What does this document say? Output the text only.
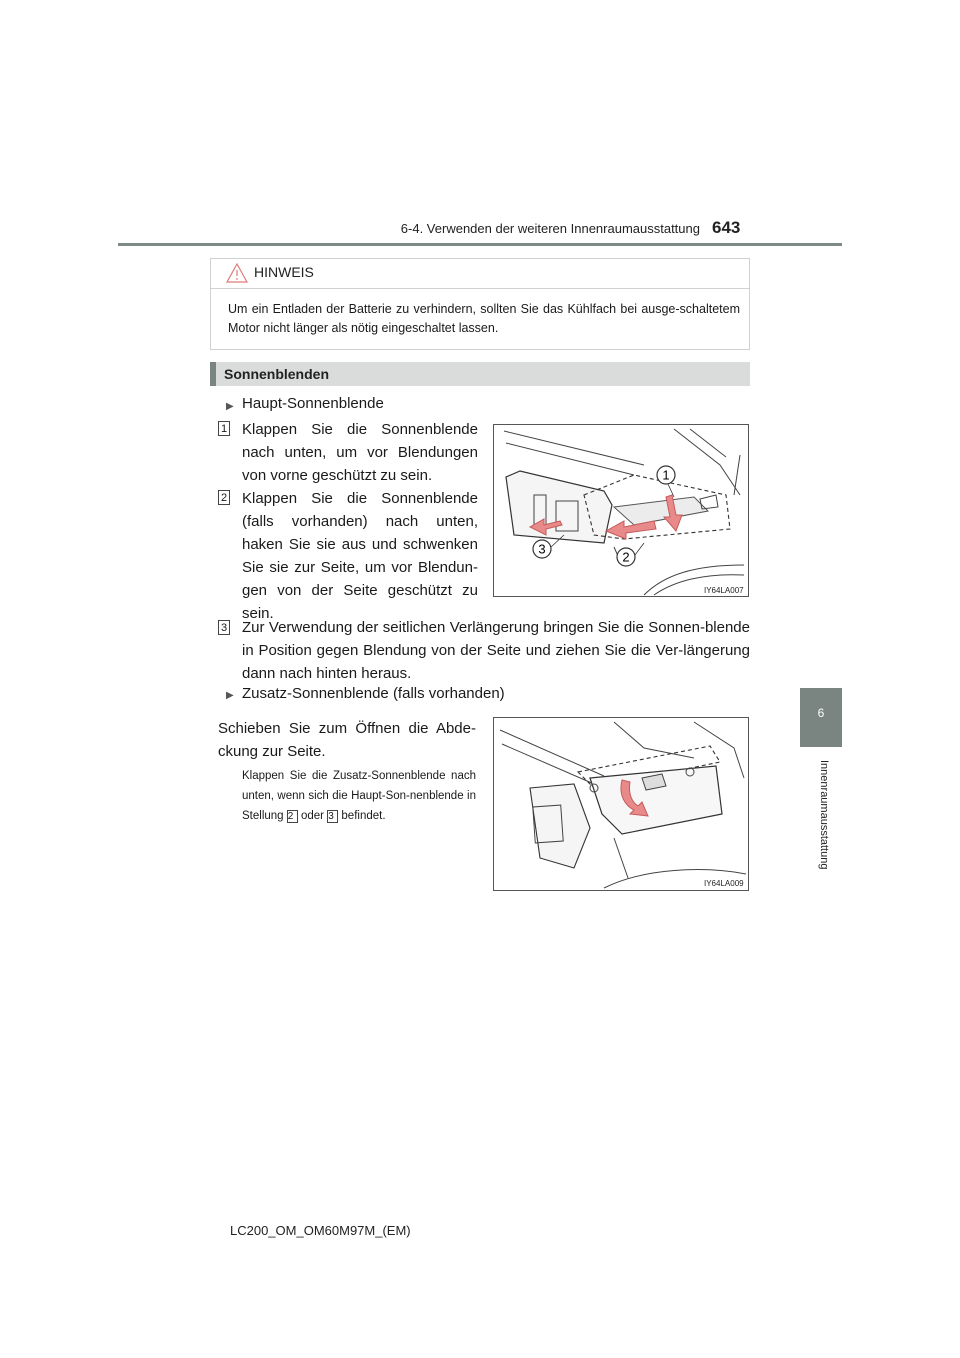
6-4. Verwenden der weiteren Innenraumausstattung 643
6
Innenraumausstattung
HINWEIS
Um ein Entladen der Batterie zu verhindern, sollten Sie das Kühlfach bei ausge-schaltetem Motor nicht länger als nötig eingeschaltet lassen.
Sonnenblenden
▶ Haupt-Sonnenblende
1 Klappen Sie die Sonnenblende nach unten, um vor Blendungen von vorne geschützt zu sein.
2 Klappen Sie die Sonnenblende (falls vorhanden) nach unten, haken Sie sie aus und schwenken Sie sie zur Seite, um vor Blendun-gen von der Seite geschützt zu sein.
3 Zur Verwendung der seitlichen Verlängerung bringen Sie die Sonnen-blende in Position gegen Blendung von der Seite und ziehen Sie die Ver-längerung dann nach hinten heraus.
1
2
3
IY64LA007
▶ Zusatz-Sonnenblende (falls vorhanden)
Schieben Sie zum Öffnen die Abde-ckung zur Seite.
Klappen Sie die Zusatz-Sonnenblende nach unten, wenn sich die Haupt-Son-nenblende in Stellung 2 oder 3 befindet.
IY64LA009
LC200_OM_OM60M97M_(EM)
